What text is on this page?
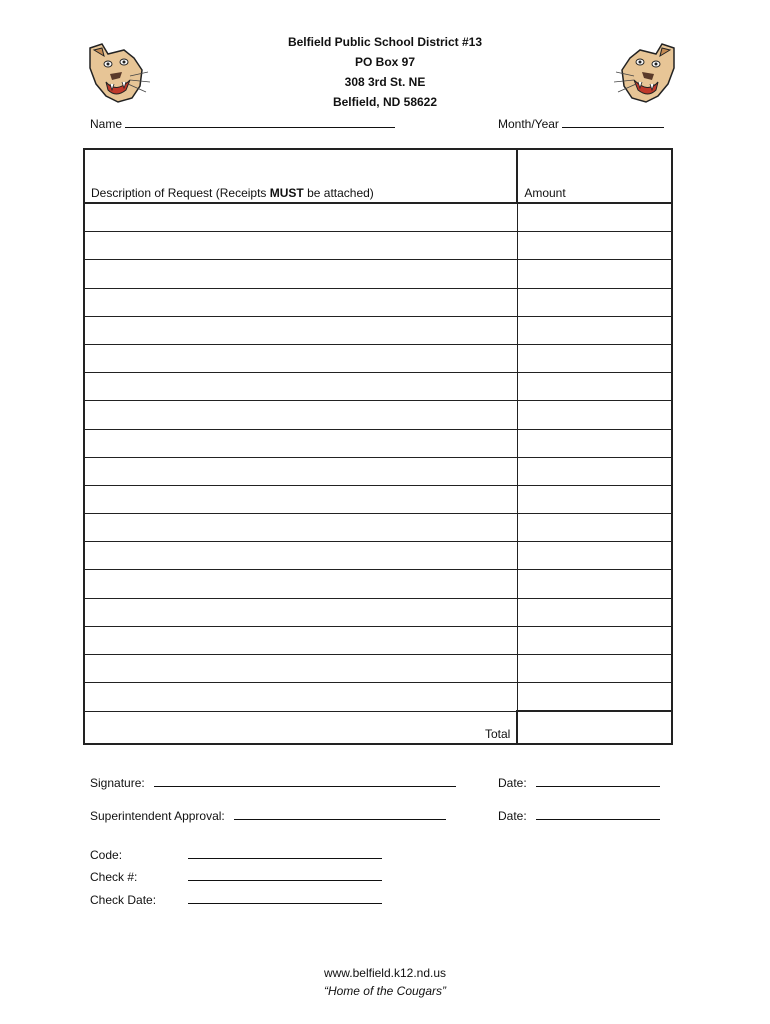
Belfield Public School District #13
PO Box 97
308 3rd St. NE
Belfield, ND 58622
Name	Month/Year
Description of Request (Receipts MUST be attached)	Amount

Total	
Signature:	Date:
Superintendent Approval:	Date:
Code:
Check #:
Check Date:
www.belfield.k12.nd.us
“Home of the Cougars”
